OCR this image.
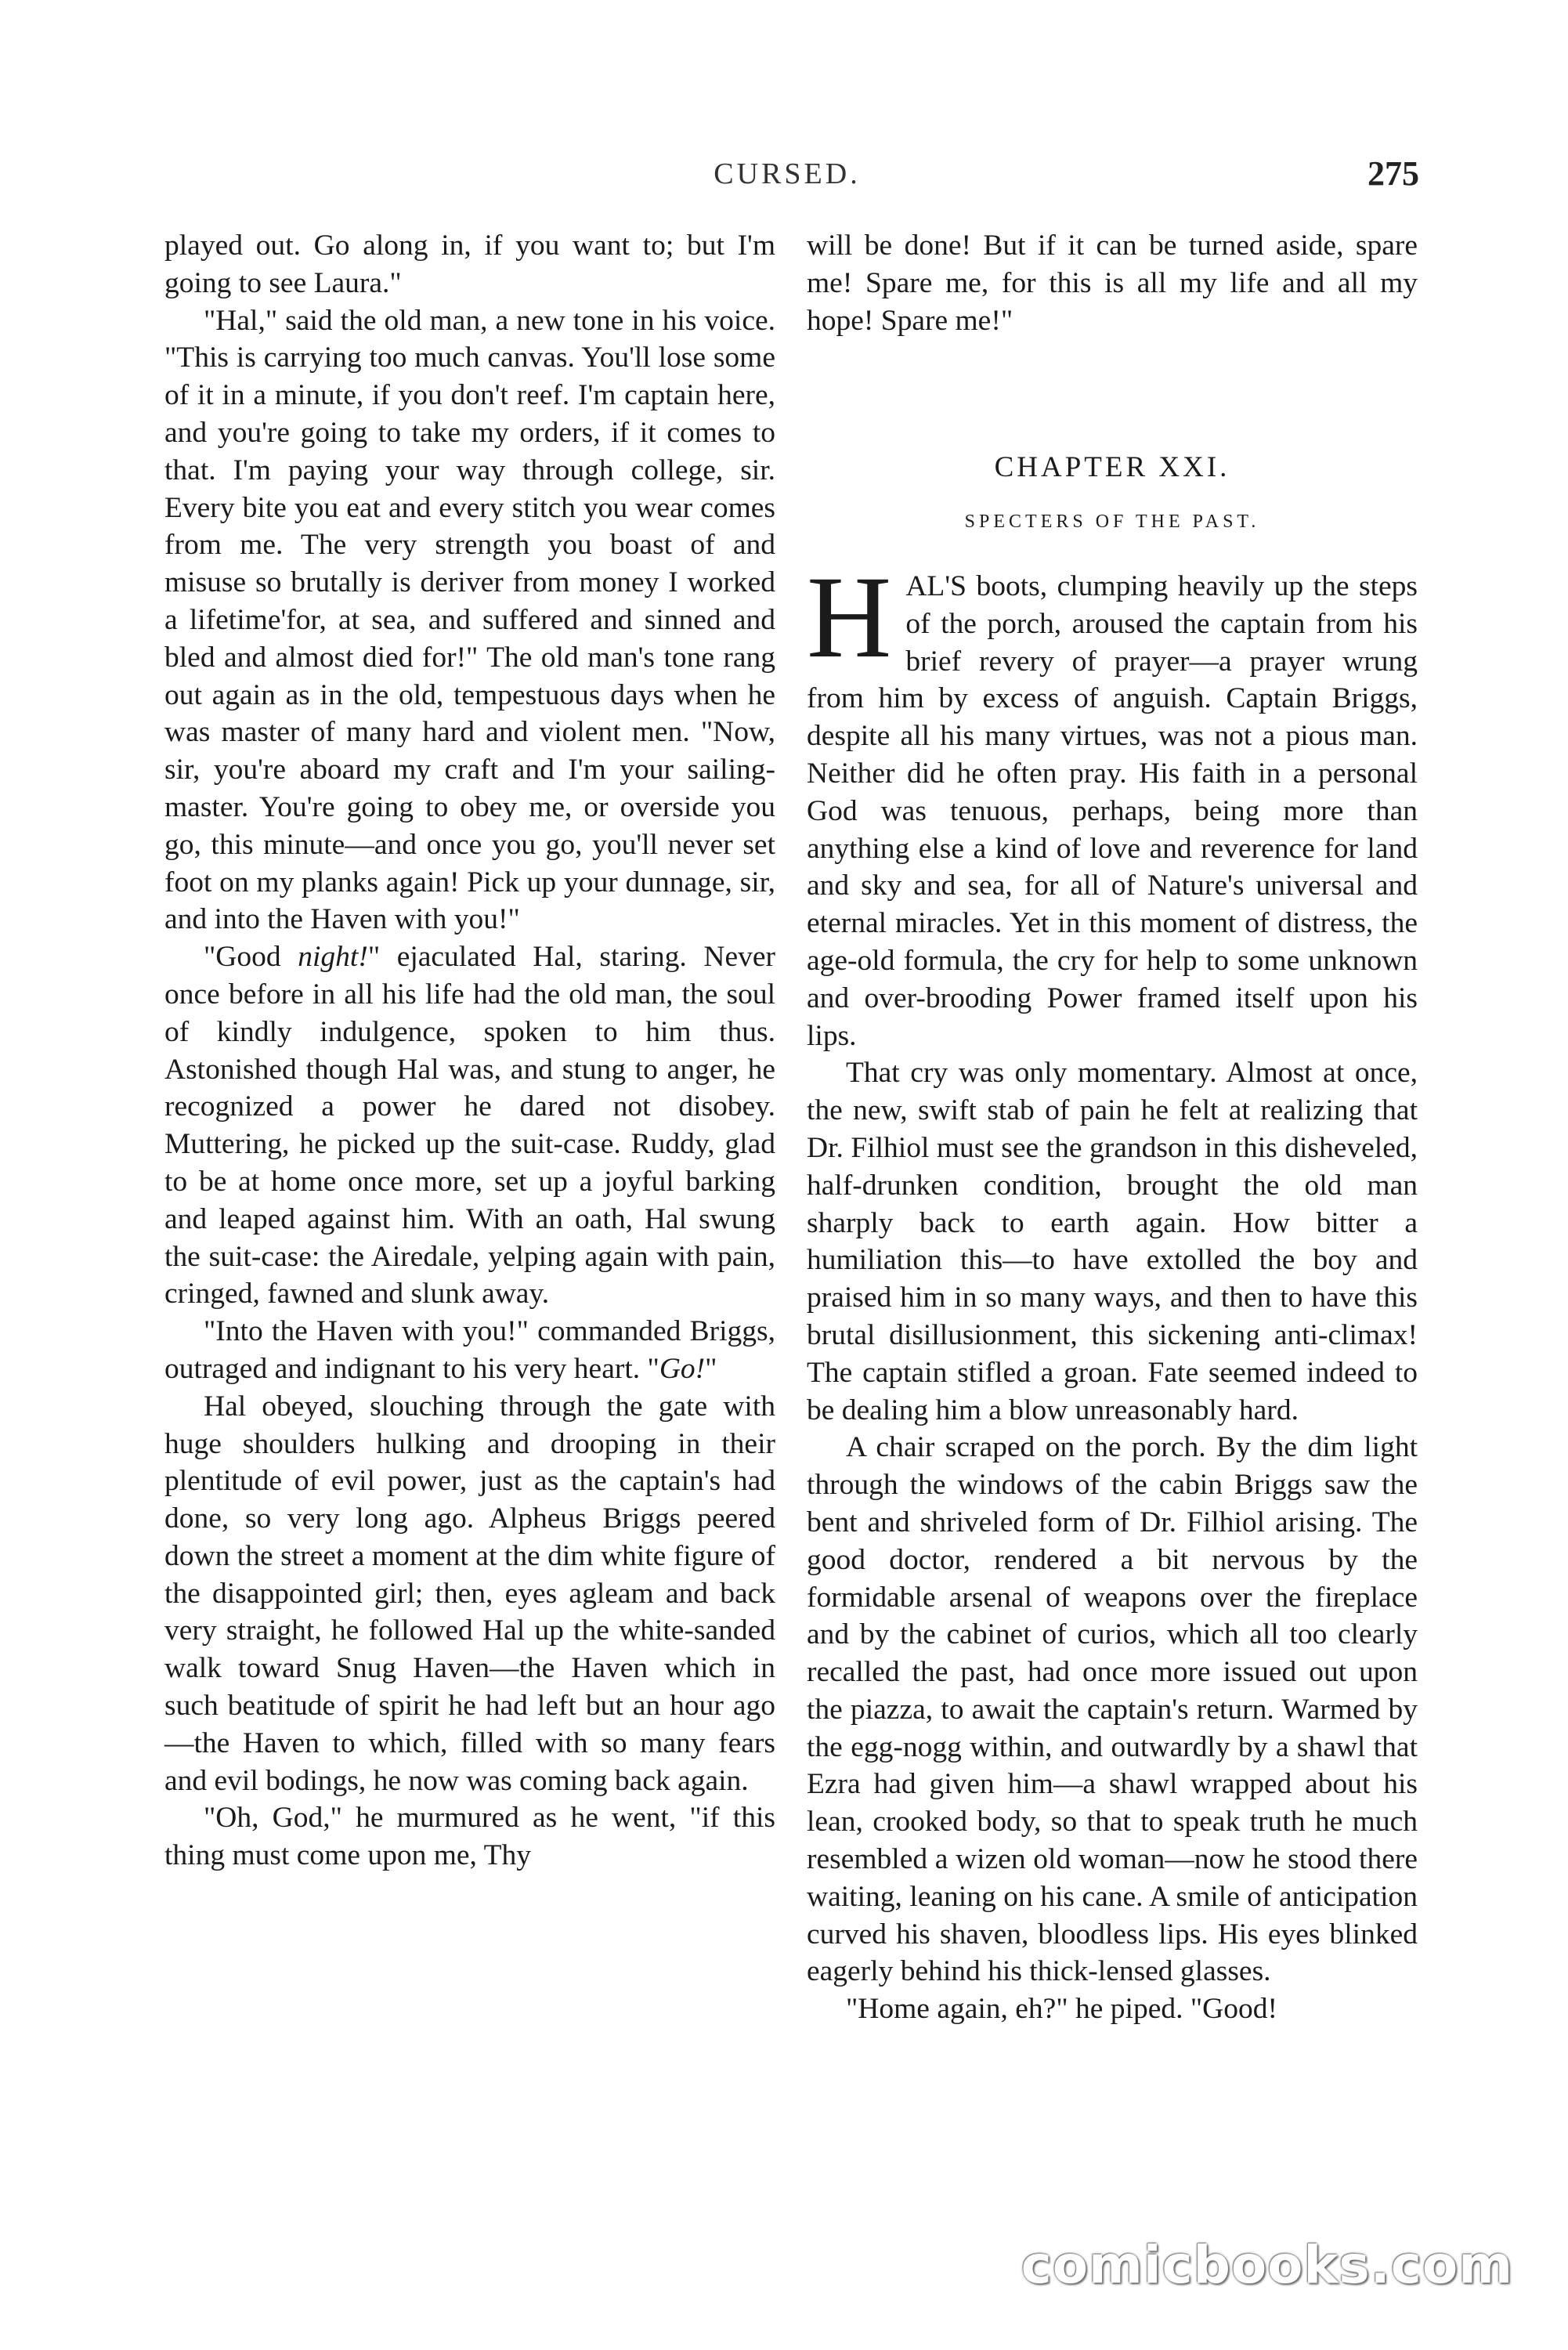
CURSED.	275

played out. Go along in, if you want to; but I'm going to see Laura."

"Hal," said the old man, a new tone in his voice. "This is carrying too much canvas. You'll lose some of it in a minute, if you don't reef. I'm captain here, and you're going to take my orders, if it comes to that. I'm paying your way through college, sir. Every bite you eat and every stitch you wear comes from me. The very strength you boast of and misuse so brutally is deriver from money I worked a lifetime'for, at sea, and suffered and sinned and bled and almost died for!" The old man's tone rang out again as in the old, tempestuous days when he was master of many hard and violent men. "Now, sir, you're aboard my craft and I'm your sailing-master. You're going to obey me, or overside you go, this minute—and once you go, you'll never set foot on my planks again! Pick up your dunnage, sir, and into the Haven with you!"

"Good night!" ejaculated Hal, staring. Never once before in all his life had the old man, the soul of kindly indulgence, spoken to him thus. Astonished though Hal was, and stung to anger, he recognized a power he dared not disobey. Muttering, he picked up the suit-case. Ruddy, glad to be at home once more, set up a joyful barking and leaped against him. With an oath, Hal swung the suit-case: the Airedale, yelping again with pain, cringed, fawned and slunk away.

"Into the Haven with you!" commanded Briggs, outraged and indignant to his very heart. "Go!"

Hal obeyed, slouching through the gate with huge shoulders hulking and drooping in their plentitude of evil power, just as the captain's had done, so very long ago. Alpheus Briggs peered down the street a moment at the dim white figure of the disappointed girl; then, eyes agleam and back very straight, he followed Hal up the white-sanded walk toward Snug Haven—the Haven which in such beatitude of spirit he had left but an hour ago—the Haven to which, filled with so many fears and evil bodings, he now was coming back again.

"Oh, God," he murmured as he went, "if this thing must come upon me, Thy

will be done! But if it can be turned aside, spare me! Spare me, for this is all my life and all my hope! Spare me!"

CHAPTER XXI.
SPECTERS OF THE PAST.

HAL'S boots, clumping heavily up the steps of the porch, aroused the captain from his brief revery of prayer—a prayer wrung from him by excess of anguish. Captain Briggs, despite all his many virtues, was not a pious man. Neither did he often pray. His faith in a personal God was tenuous, perhaps, being more than anything else a kind of love and reverence for land and sky and sea, for all of Nature's universal and eternal miracles. Yet in this moment of distress, the age-old formula, the cry for help to some unknown and over-brooding Power framed itself upon his lips.

That cry was only momentary. Almost at once, the new, swift stab of pain he felt at realizing that Dr. Filhiol must see the grandson in this disheveled, half-drunken condition, brought the old man sharply back to earth again. How bitter a humiliation this—to have extolled the boy and praised him in so many ways, and then to have this brutal disillusionment, this sickening anti-climax! The captain stifled a groan. Fate seemed indeed to be dealing him a blow unreasonably hard.

A chair scraped on the porch. By the dim light through the windows of the cabin Briggs saw the bent and shriveled form of Dr. Filhiol arising. The good doctor, rendered a bit nervous by the formidable arsenal of weapons over the fireplace and by the cabinet of curios, which all too clearly recalled the past, had once more issued out upon the piazza, to await the captain's return. Warmed by the egg-nogg within, and outwardly by a shawl that Ezra had given him—a shawl wrapped about his lean, crooked body, so that to speak truth he much resembled a wizen old woman—now he stood there waiting, leaning on his cane. A smile of anticipation curved his shaven, bloodless lips. His eyes blinked eagerly behind his thick-lensed glasses.

"Home again, eh?" he piped. "Good!

comicbooks.com
